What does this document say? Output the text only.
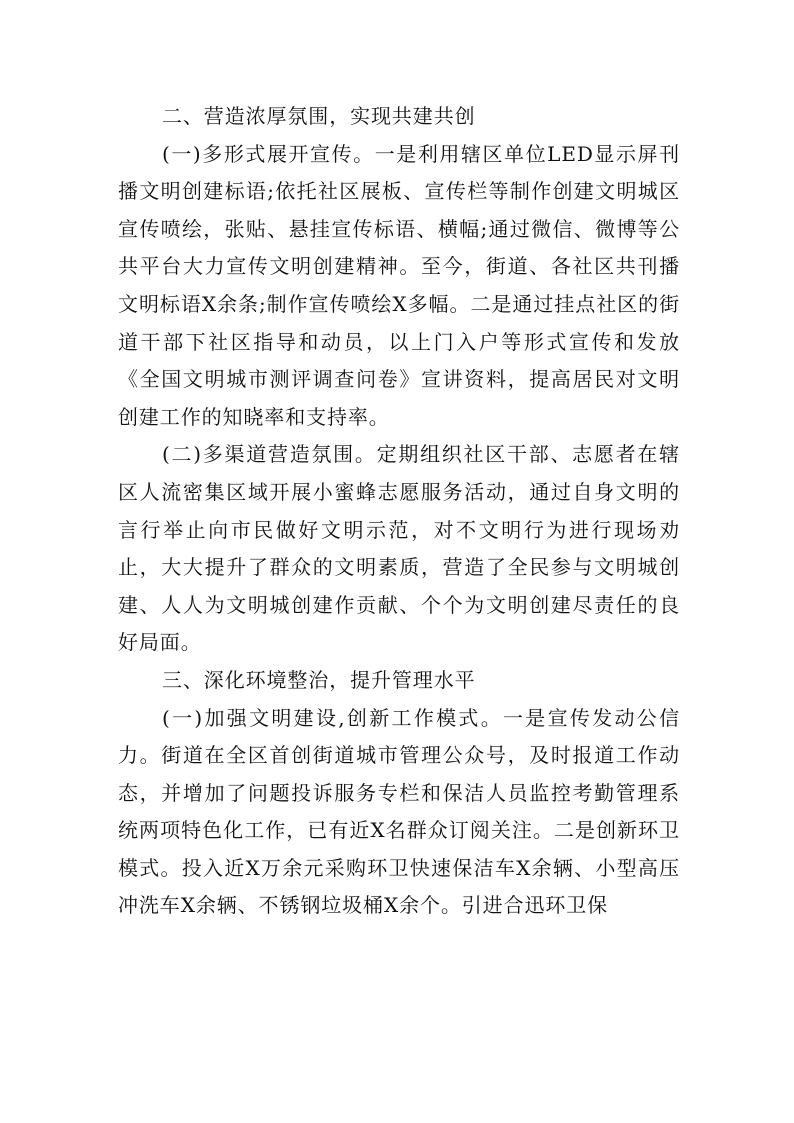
二、营造浓厚氛围，实现共建共创

(一)多形式展开宣传。一是利用辖区单位LED显示屏刊播文明创建标语;依托社区展板、宣传栏等制作创建文明城区宣传喷绘，张贴、悬挂宣传标语、横幅;通过微信、微博等公共平台大力宣传文明创建精神。至今，街道、各社区共刊播文明标语X余条;制作宣传喷绘X多幅。二是通过挂点社区的街道干部下社区指导和动员，以上门入户等形式宣传和发放《全国文明城市测评调查问卷》宣讲资料，提高居民对文明创建工作的知晓率和支持率。

(二)多渠道营造氛围。定期组织社区干部、志愿者在辖区人流密集区域开展小蜜蜂志愿服务活动，通过自身文明的言行举止向市民做好文明示范，对不文明行为进行现场劝止，大大提升了群众的文明素质，营造了全民参与文明城创建、人人为文明城创建作贡献、个个为文明创建尽责任的良好局面。

三、深化环境整治，提升管理水平

(一)加强文明建设,创新工作模式。一是宣传发动公信力。街道在全区首创街道城市管理公众号，及时报道工作动态，并增加了问题投诉服务专栏和保洁人员监控考勤管理系统两项特色化工作，已有近X名群众订阅关注。二是创新环卫模式。投入近X万余元采购环卫快速保洁车X余辆、小型高压冲洗车X余辆、不锈钢垃圾桶X余个。引进合迅环卫保
